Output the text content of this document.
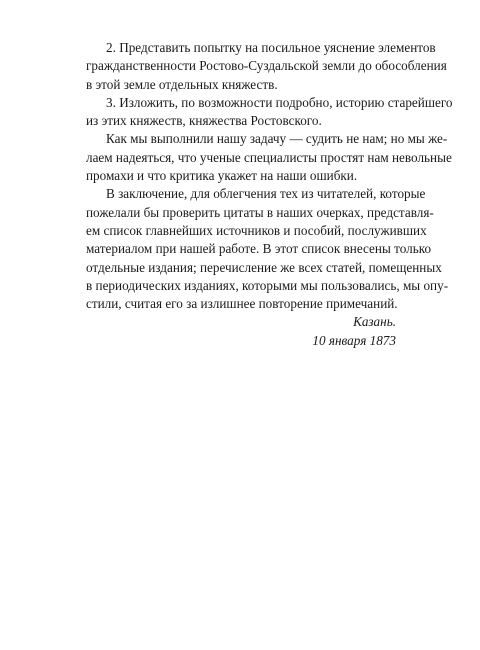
2. Представить попытку на посильное уяснение элементов
гражданственности Ростово-Суздальской земли до обособления
в этой земле отдельных княжеств.

3. Изложить, по возможности подробно, историю старейшего
из этих княжеств, княжества Ростовского.

Как мы выполнили нашу задачу — судить не нам; но мы же-
лаем надеяться, что ученые специалисты простят нам невольные
промахи и что критика укажет на наши ошибки.

В заключение, для облегчения тех из читателей, которые
пожелали бы проверить цитаты в наших очерках, представля-
ем список главнейших источников и пособий, послуживших
материалом при нашей работе. В этот список внесены только
отдельные издания; перечисление же всех статей, помещенных
в периодических изданиях, которыми мы пользовались, мы опу-
стили, считая его за излишнее повторение примечаний.

Казань.
10 января 1873
